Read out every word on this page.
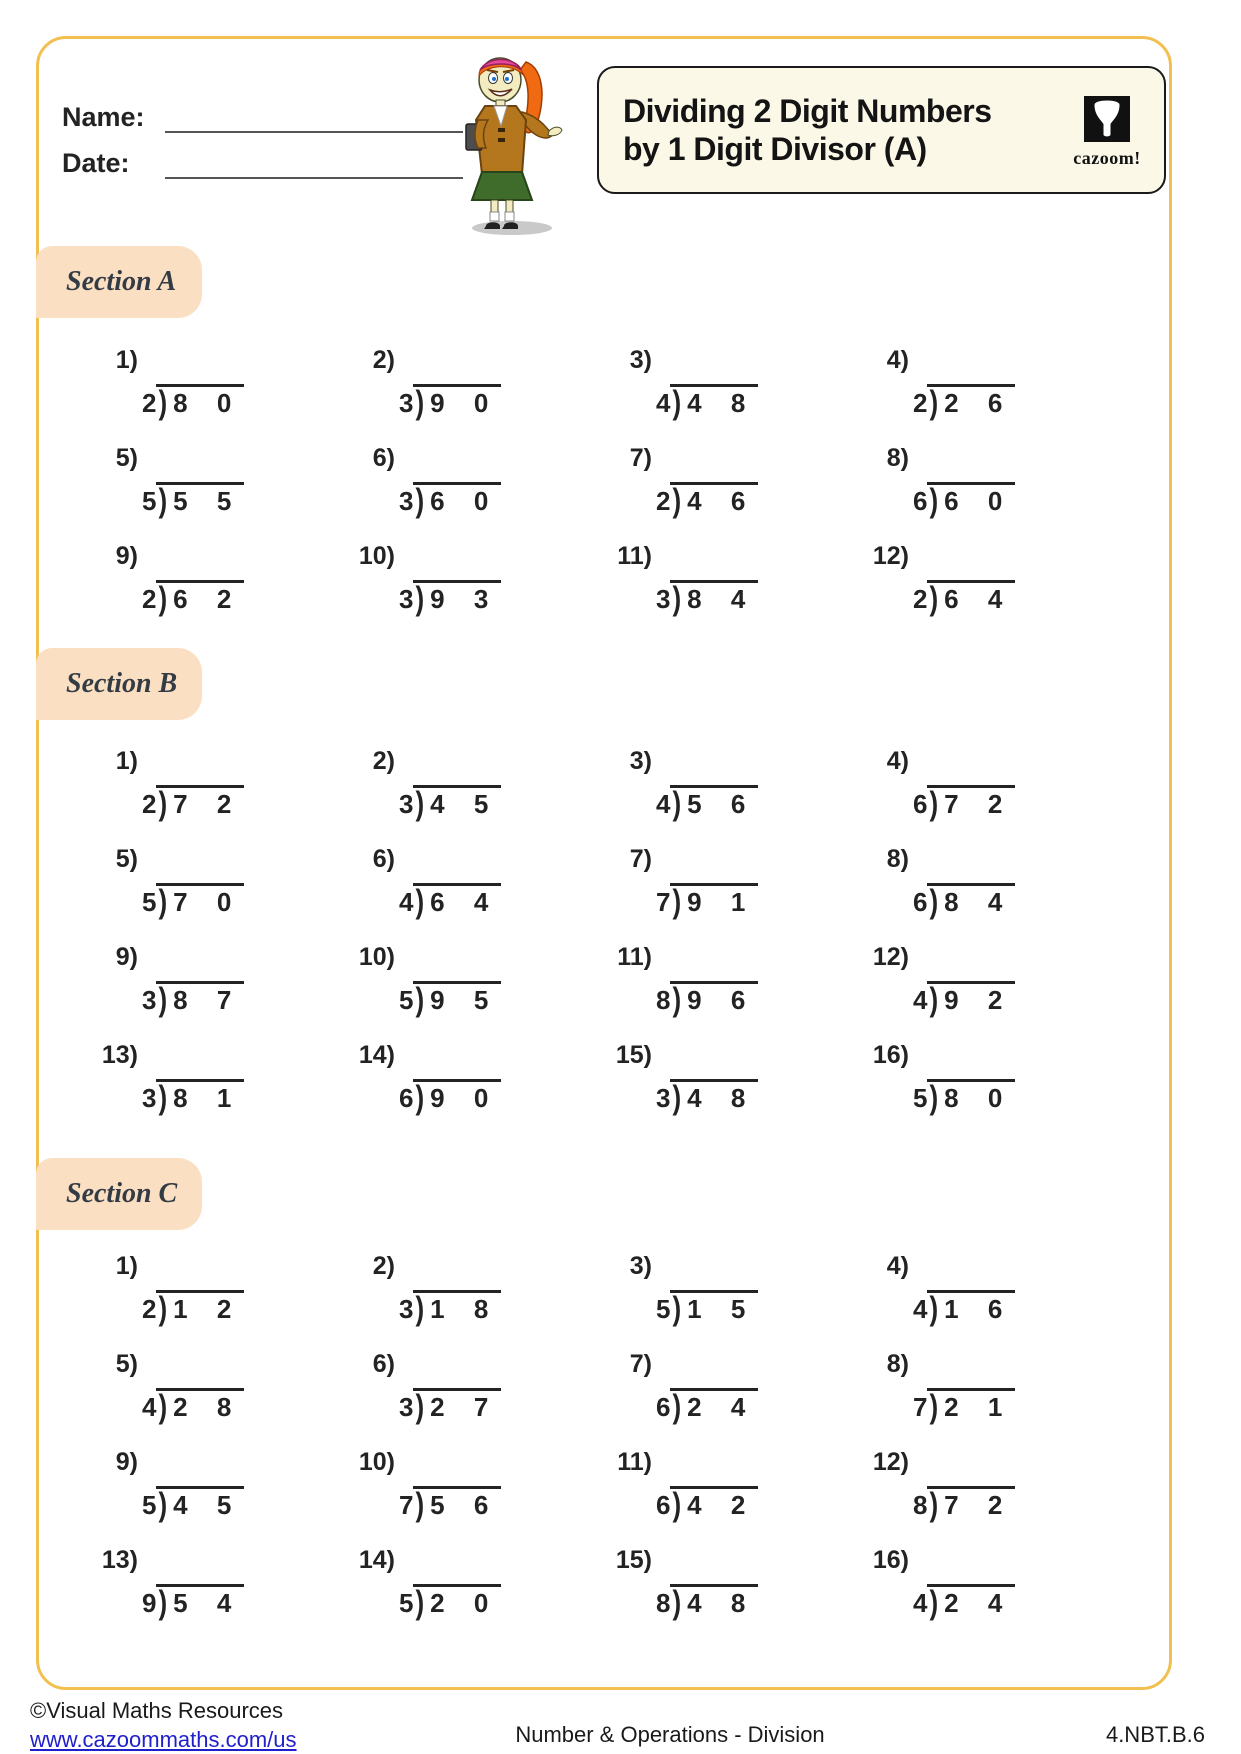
Name:
Date:
Dividing 2 Digit Numbers
by 1 Digit Divisor (A)	cazoom!
Section A
1)
2) 8 0
2)
3) 9 0
3)
4) 4 8
4)
2) 2 6
5)
5) 5 5
6)
3) 6 0
7)
2) 4 6
8)
6) 6 0
9)
2) 6 2
10)
3) 9 3
11)
3) 8 4
12)
2) 6 4
Section B
1)
2) 7 2
2)
3) 4 5
3)
4) 5 6
4)
6) 7 2
5)
5) 7 0
6)
4) 6 4
7)
7) 9 1
8)
6) 8 4
9)
3) 8 7
10)
5) 9 5
11)
8) 9 6
12)
4) 9 2
13)
3) 8 1
14)
6) 9 0
15)
3) 4 8
16)
5) 8 0
Section C
1)
2) 1 2
2)
3) 1 8
3)
5) 1 5
4)
4) 1 6
5)
4) 2 8
6)
3) 2 7
7)
6) 2 4
8)
7) 2 1
9)
5) 4 5
10)
7) 5 6
11)
6) 4 2
12)
8) 7 2
13)
9) 5 4
14)
5) 2 0
15)
8) 4 8
16)
4) 2 4
©Visual Maths Resources
www.cazoommaths.com/us	Number & Operations - Division	4.NBT.B.6
